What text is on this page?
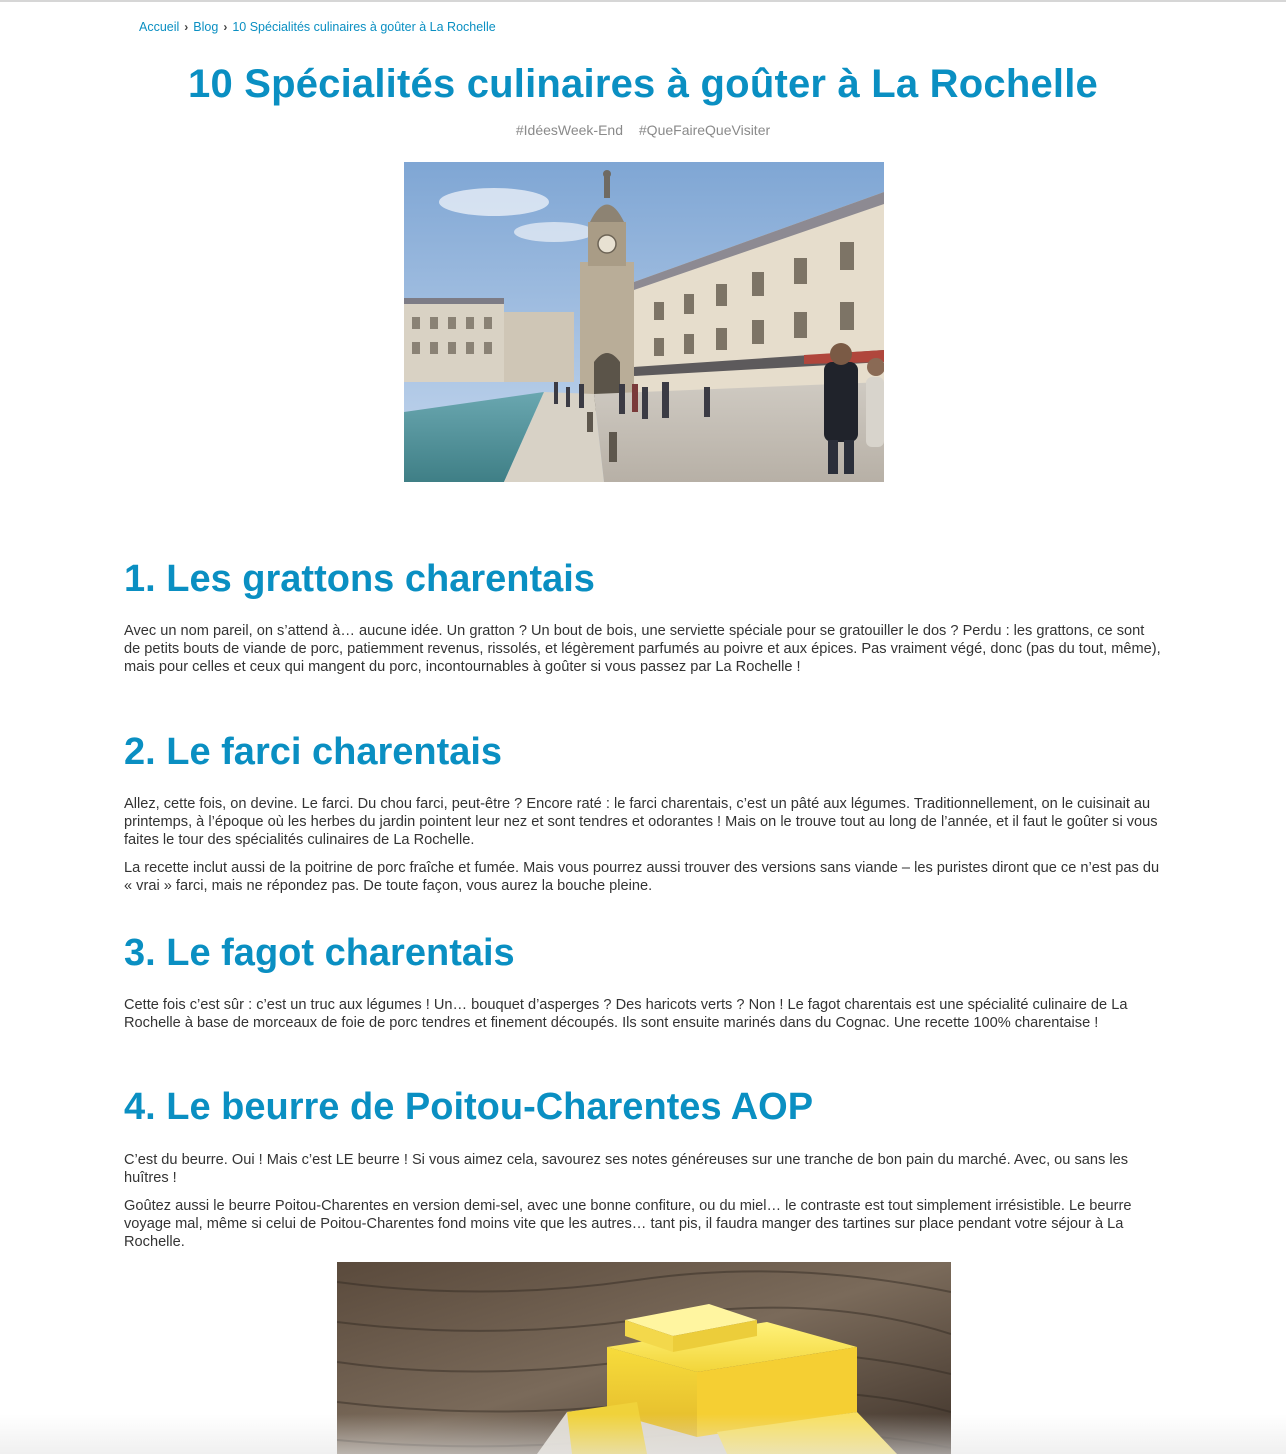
Accueil › Blog › 10 Spécialités culinaires à goûter à La Rochelle
10 Spécialités culinaires à goûter à La Rochelle
#IdéesWeek-End #QueFaireQueVisiter
1. Les grattons charentais

Avec un nom pareil, on s’attend à… aucune idée. Un gratton ? Un bout de bois, une serviette spéciale pour se gratouiller le dos ? Perdu : les grattons, ce sont de petits bouts de viande de porc, patiemment revenus, rissolés, et légèrement parfumés au poivre et aux épices. Pas vraiment végé, donc (pas du tout, même), mais pour celles et ceux qui mangent du porc, incontournables à goûter si vous passez par La Rochelle !

2. Le farci charentais

Allez, cette fois, on devine. Le farci. Du chou farci, peut-être ? Encore raté : le farci charentais, c’est un pâté aux légumes. Traditionnellement, on le cuisinait au printemps, à l’époque où les herbes du jardin pointent leur nez et sont tendres et odorantes ! Mais on le trouve tout au long de l’année, et il faut le goûter si vous faites le tour des spécialités culinaires de La Rochelle.

La recette inclut aussi de la poitrine de porc fraîche et fumée. Mais vous pourrez aussi trouver des versions sans viande – les puristes diront que ce n’est pas du « vrai » farci, mais ne répondez pas. De toute façon, vous aurez la bouche pleine.

3. Le fagot charentais

Cette fois c’est sûr : c’est un truc aux légumes ! Un… bouquet d’asperges ? Des haricots verts ? Non ! Le fagot charentais est une spécialité culinaire de La Rochelle à base de morceaux de foie de porc tendres et finement découpés. Ils sont ensuite marinés dans du Cognac. Une recette 100% charentaise !

4. Le beurre de Poitou-Charentes AOP

C’est du beurre. Oui ! Mais c’est LE beurre ! Si vous aimez cela, savourez ses notes généreuses sur une tranche de bon pain du marché. Avec, ou sans les huîtres !

Goûtez aussi le beurre Poitou-Charentes en version demi-sel, avec une bonne confiture, ou du miel… le contraste est tout simplement irrésistible. Le beurre voyage mal, même si celui de Poitou-Charentes fond moins vite que les autres… tant pis, il faudra manger des tartines sur place pendant votre séjour à La Rochelle.
